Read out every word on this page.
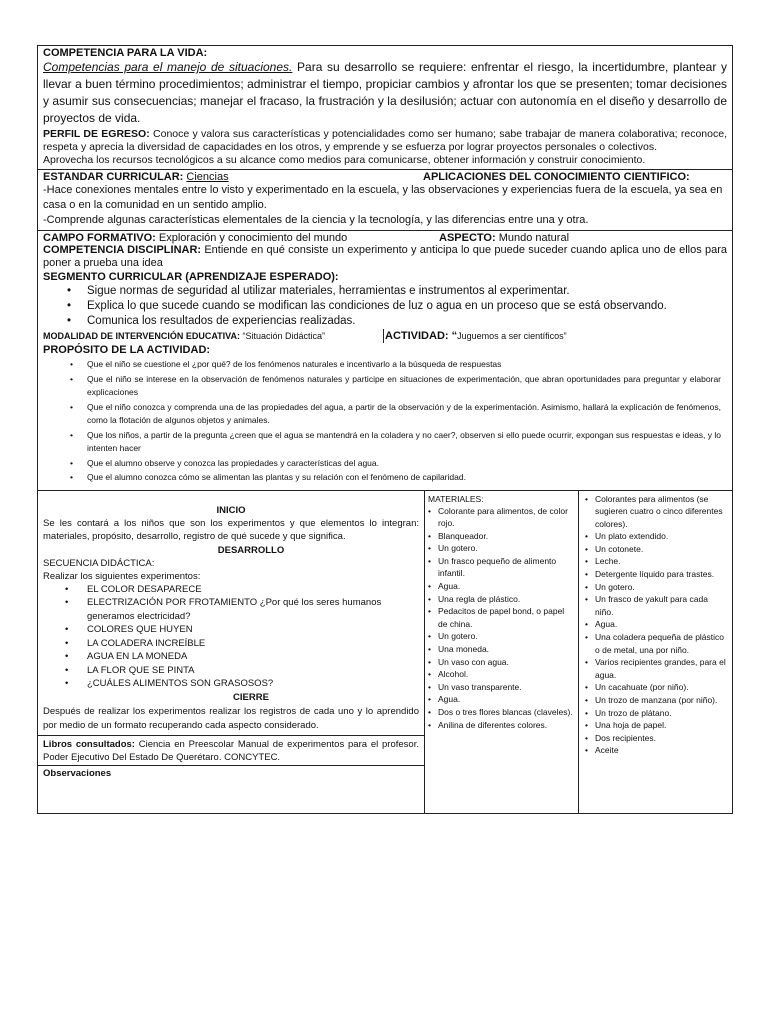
COMPETENCIA PARA LA VIDA:
Competencias para el manejo de situaciones. Para su desarrollo se requiere: enfrentar el riesgo, la incertidumbre, plantear y llevar a buen término procedimientos; administrar el tiempo, propiciar cambios y afrontar los que se presenten; tomar decisiones y asumir sus consecuencias; manejar el fracaso, la frustración y la desilusión; actuar con autonomía en el diseño y desarrollo de proyectos de vida.
PERFIL DE EGRESO: Conoce y valora sus características y potencialidades como ser humano; sabe trabajar de manera colaborativa; reconoce, respeta y aprecia la diversidad de capacidades en los otros, y emprende y se esfuerza por lograr proyectos personales o colectivos.
Aprovecha los recursos tecnológicos a su alcance como medios para comunicarse, obtener información y construir conocimiento.
ESTANDAR CURRICULAR: Ciencias	APLICACIONES DEL CONOCIMIENTO CIENTIFICO:
-Hace conexiones mentales entre lo visto y experimentado en la escuela, y las observaciones y experiencias fuera de la escuela, ya sea en casa o en la comunidad en un sentido amplio.
-Comprende algunas características elementales de la ciencia y la tecnología, y las diferencias entre una y otra.
CAMPO FORMATIVO: Exploración y conocimiento del mundo	ASPECTO: Mundo natural
COMPETENCIA DISCIPLINAR: Entiende en qué consiste un experimento y anticipa lo que puede suceder cuando aplica uno de ellos para poner a prueba una idea
SEGMENTO CURRICULAR (APRENDIZAJE ESPERADO):
• Sigue normas de seguridad al utilizar materiales, herramientas e instrumentos al experimentar.
• Explica lo que sucede cuando se modifican las condiciones de luz o agua en un proceso que se está observando.
• Comunica los resultados de experiencias realizadas.
MODALIDAD DE INTERVENCIÓN EDUCATIVA: “Situación Didáctica”	ACTIVIDAD: “Juguemos a ser científicos”
PROPÓSITO DE LA ACTIVIDAD:
• Que el niño se cuestione el ¿por qué? de los fenómenos naturales e incentivarlo a la búsqueda de respuestas
• Que el niño se interese en la observación de fenómenos naturales y participe en situaciones de experimentación, que abran oportunidades para preguntar y elaborar explicaciones
• Que el niño conozca y comprenda una de las propiedades del agua, a partir de la observación y de la experimentación. Asimismo, hallará la explicación de fenómenos, como la flotación de algunos objetos y animales.
• Que los niños, a partir de la pregunta ¿creen que el agua se mantendrá en la coladera y no caer?, observen si ello puede ocurrir, expongan sus respuestas e ideas, y lo intenten hacer
• Que el alumno observe y conozca las propiedades y características del agua.
• Que el alumno conozca cómo se alimentan las plantas y su relación con el fenómeno de capilaridad.
INICIO
Se les contará a los niños que son los experimentos y que elementos lo integran: materiales, propósito, desarrollo, registro de qué sucede y que significa.
DESARROLLO
SECUENCIA DIDÁCTICA:
Realizar los siguientes experimentos:
• EL COLOR DESAPARECE
• ELECTRIZACIÓN POR FROTAMIENTO ¿Por qué los seres humanos generamos electricidad?
• COLORES QUE HUYEN
• LA COLADERA INCREÍBLE
• AGUA EN LA MONEDA
• LA FLOR QUE SE PINTA
• ¿CUÁLES ALIMENTOS SON GRASOSOS?
CIERRE
Después de realizar los experimentos realizar los registros de cada uno y lo aprendido por medio de un formato recuperando cada aspecto considerado.
Libros consultados: Ciencia en Preescolar Manual de experimentos para el profesor. Poder Ejecutivo Del Estado De Querétaro. CONCYTEC.
Observaciones
MATERIALES:
• Colorante para alimentos, de color rojo.
• Blanqueador.
• Un gotero.
• Un frasco pequeño de alimento infantil.
• Agua.
• Una regla de plástico.
• Pedacitos de papel bond, o papel de china.
• Un gotero.
• Una moneda.
• Un vaso con agua.
• Alcohol.
• Un vaso transparente.
• Agua.
• Dos o tres flores blancas (claveles).
• Anilina de diferentes colores.
• Colorantes para alimentos (se sugieren cuatro o cinco diferentes colores).
• Un plato extendido.
• Un cotonete.
• Leche.
• Detergente líquido para trastes.
• Un gotero.
• Un frasco de yakult para cada niño.
• Agua.
• Una coladera pequeña de plástico o de metal, una por niño.
• Varios recipientes grandes, para el agua.
• Un cacahuate (por niño).
• Un trozo de manzana (por niño).
• Un trozo de plátano.
• Una hoja de papel.
• Dos recipientes.
• Aceite
